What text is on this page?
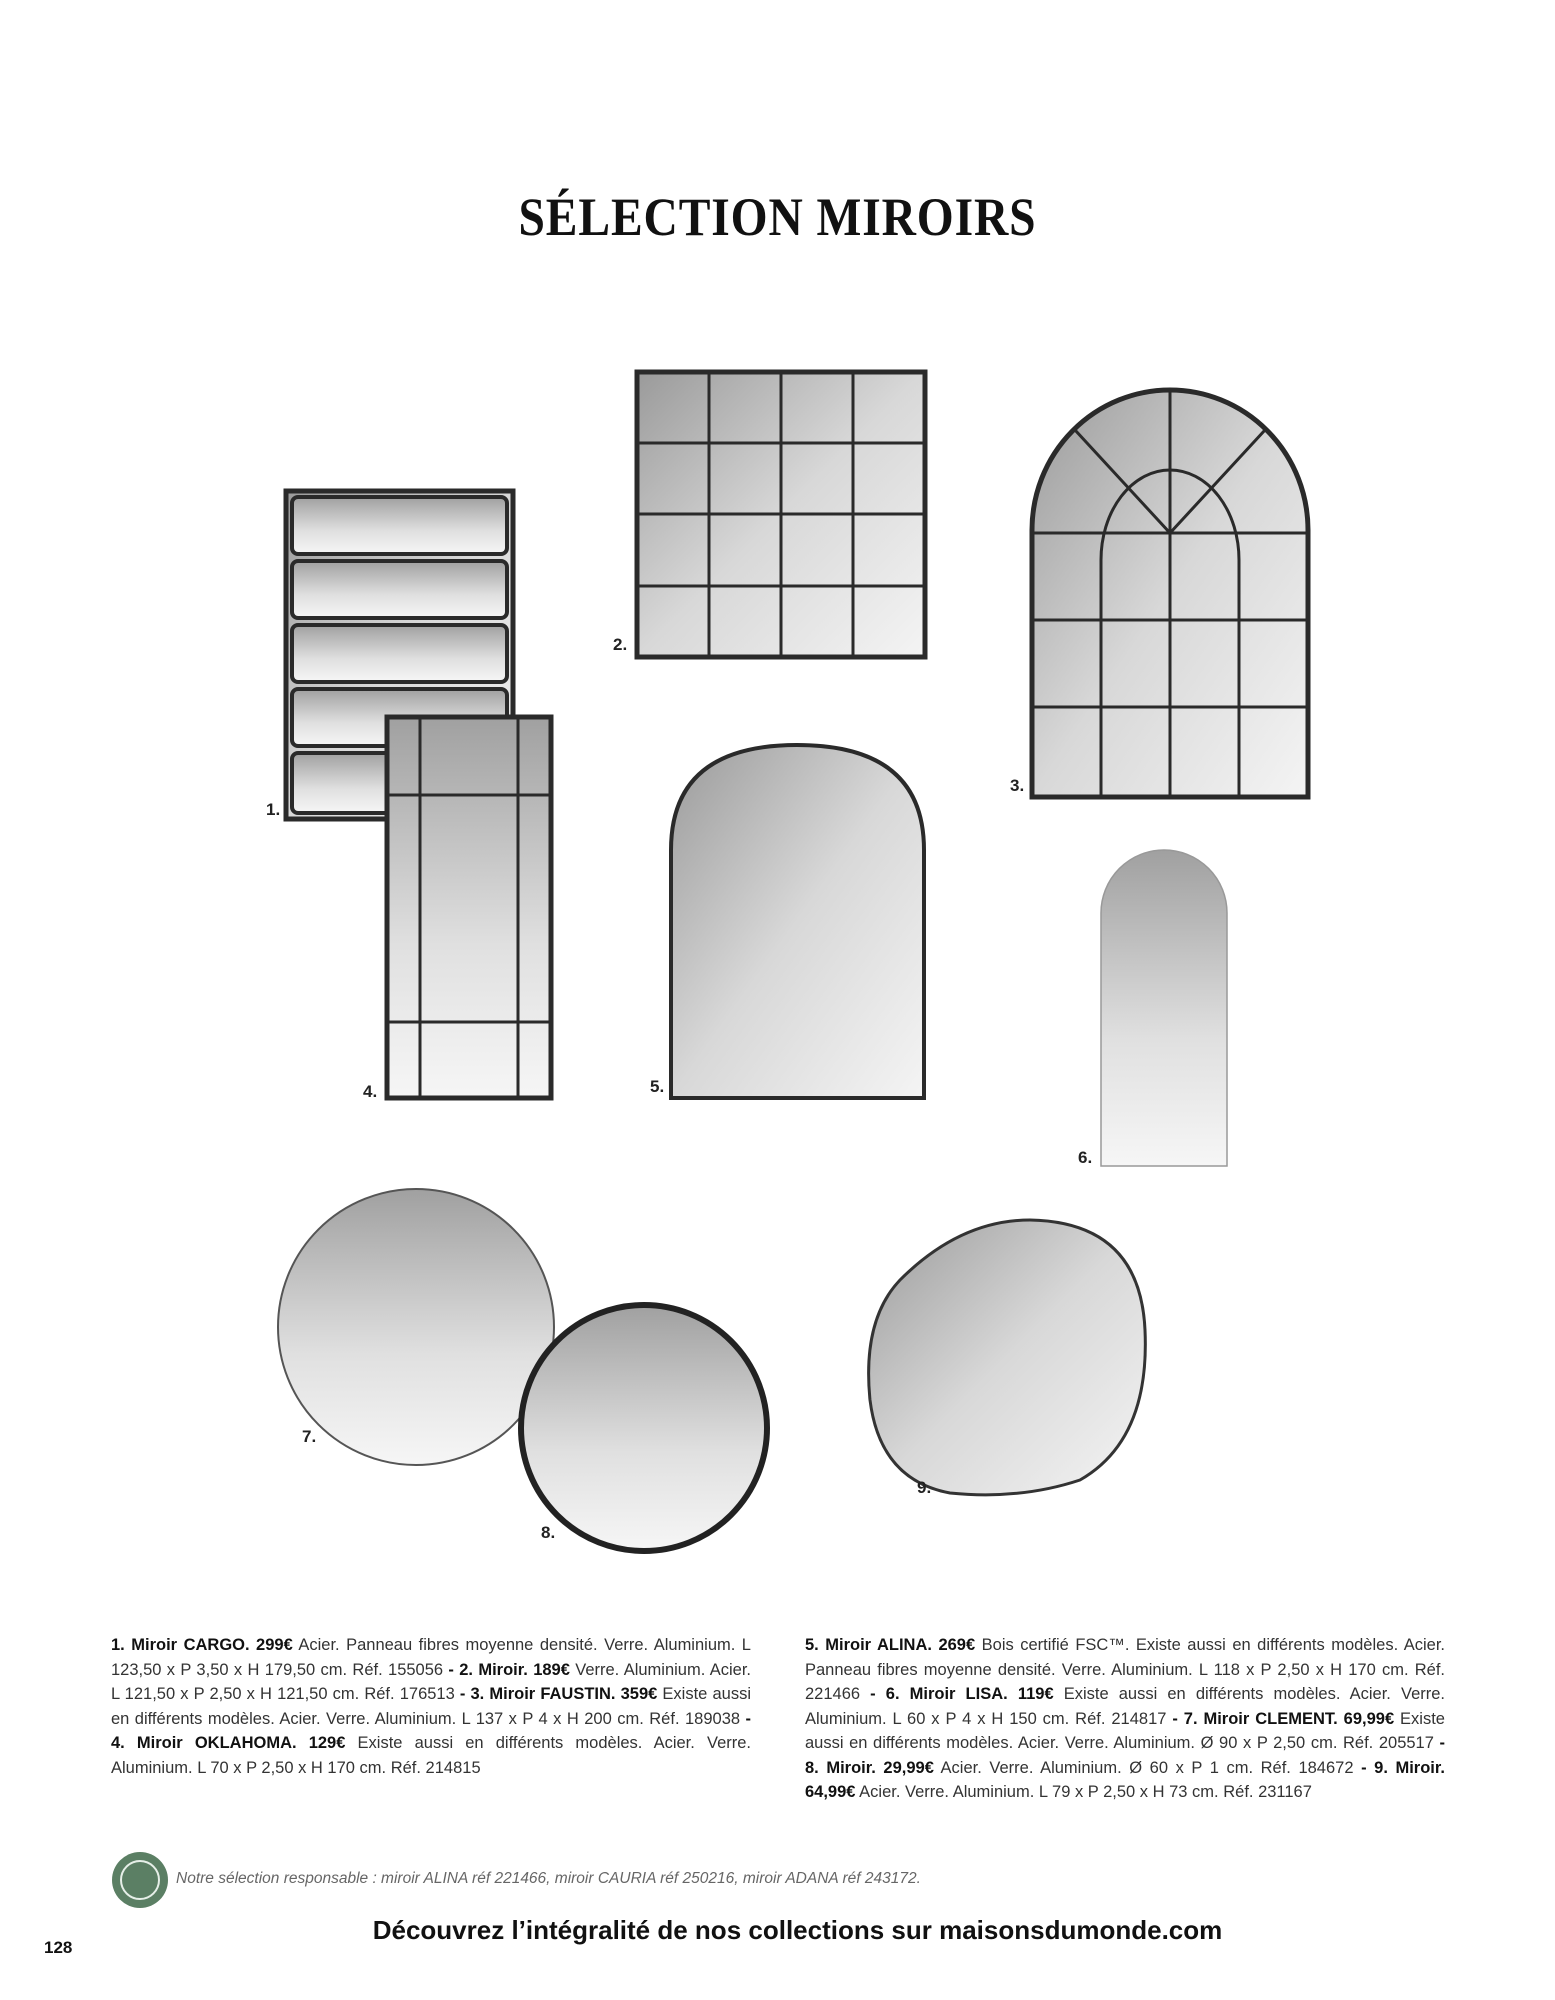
SÉLECTION MIROIRS
1.
2.
3.
4.	5.
6.
7.
8.
9.
1. Miroir CARGO. 299€ Acier. Panneau fibres moyenne densité. Verre. Aluminium. L 123,50 x P 3,50 x H 179,50 cm. Réf. 155056 - 2. Miroir. 189€ Verre. Aluminium. Acier. L 121,50 x P 2,50 x H 121,50 cm. Réf. 176513 - 3. Miroir FAUSTIN. 359€ Existe aussi en différents modèles. Acier. Verre. Aluminium. L 137 x P 4 x H 200 cm. Réf. 189038 - 4. Miroir OKLAHOMA. 129€ Existe aussi en différents modèles. Acier. Verre. Aluminium. L 70 x P 2,50 x H 170 cm. Réf. 214815
5. Miroir ALINA. 269€ Bois certifié FSC™. Existe aussi en différents modèles. Acier. Panneau fibres moyenne densité. Verre. Aluminium. L 118 x P 2,50 x H 170 cm. Réf. 221466 - 6. Miroir LISA. 119€ Existe aussi en différents modèles. Acier. Verre. Aluminium. L 60 x P 4 x H 150 cm. Réf. 214817 - 7. Miroir CLEMENT. 69,99€ Existe aussi en différents modèles. Acier. Verre. Aluminium. Ø 90 x P 2,50 cm. Réf. 205517 - 8. Miroir. 29,99€ Acier. Verre. Aluminium. Ø 60 x P 1 cm. Réf. 184672 - 9. Miroir. 64,99€ Acier. Verre. Aluminium. L 79 x P 2,50 x H 73 cm. Réf. 231167
Notre sélection responsable : miroir ALINA réf 221466, miroir CAURIA réf 250216, miroir ADANA réf 243172.
Découvrez l’intégralité de nos collections sur maisonsdumonde.com
128
